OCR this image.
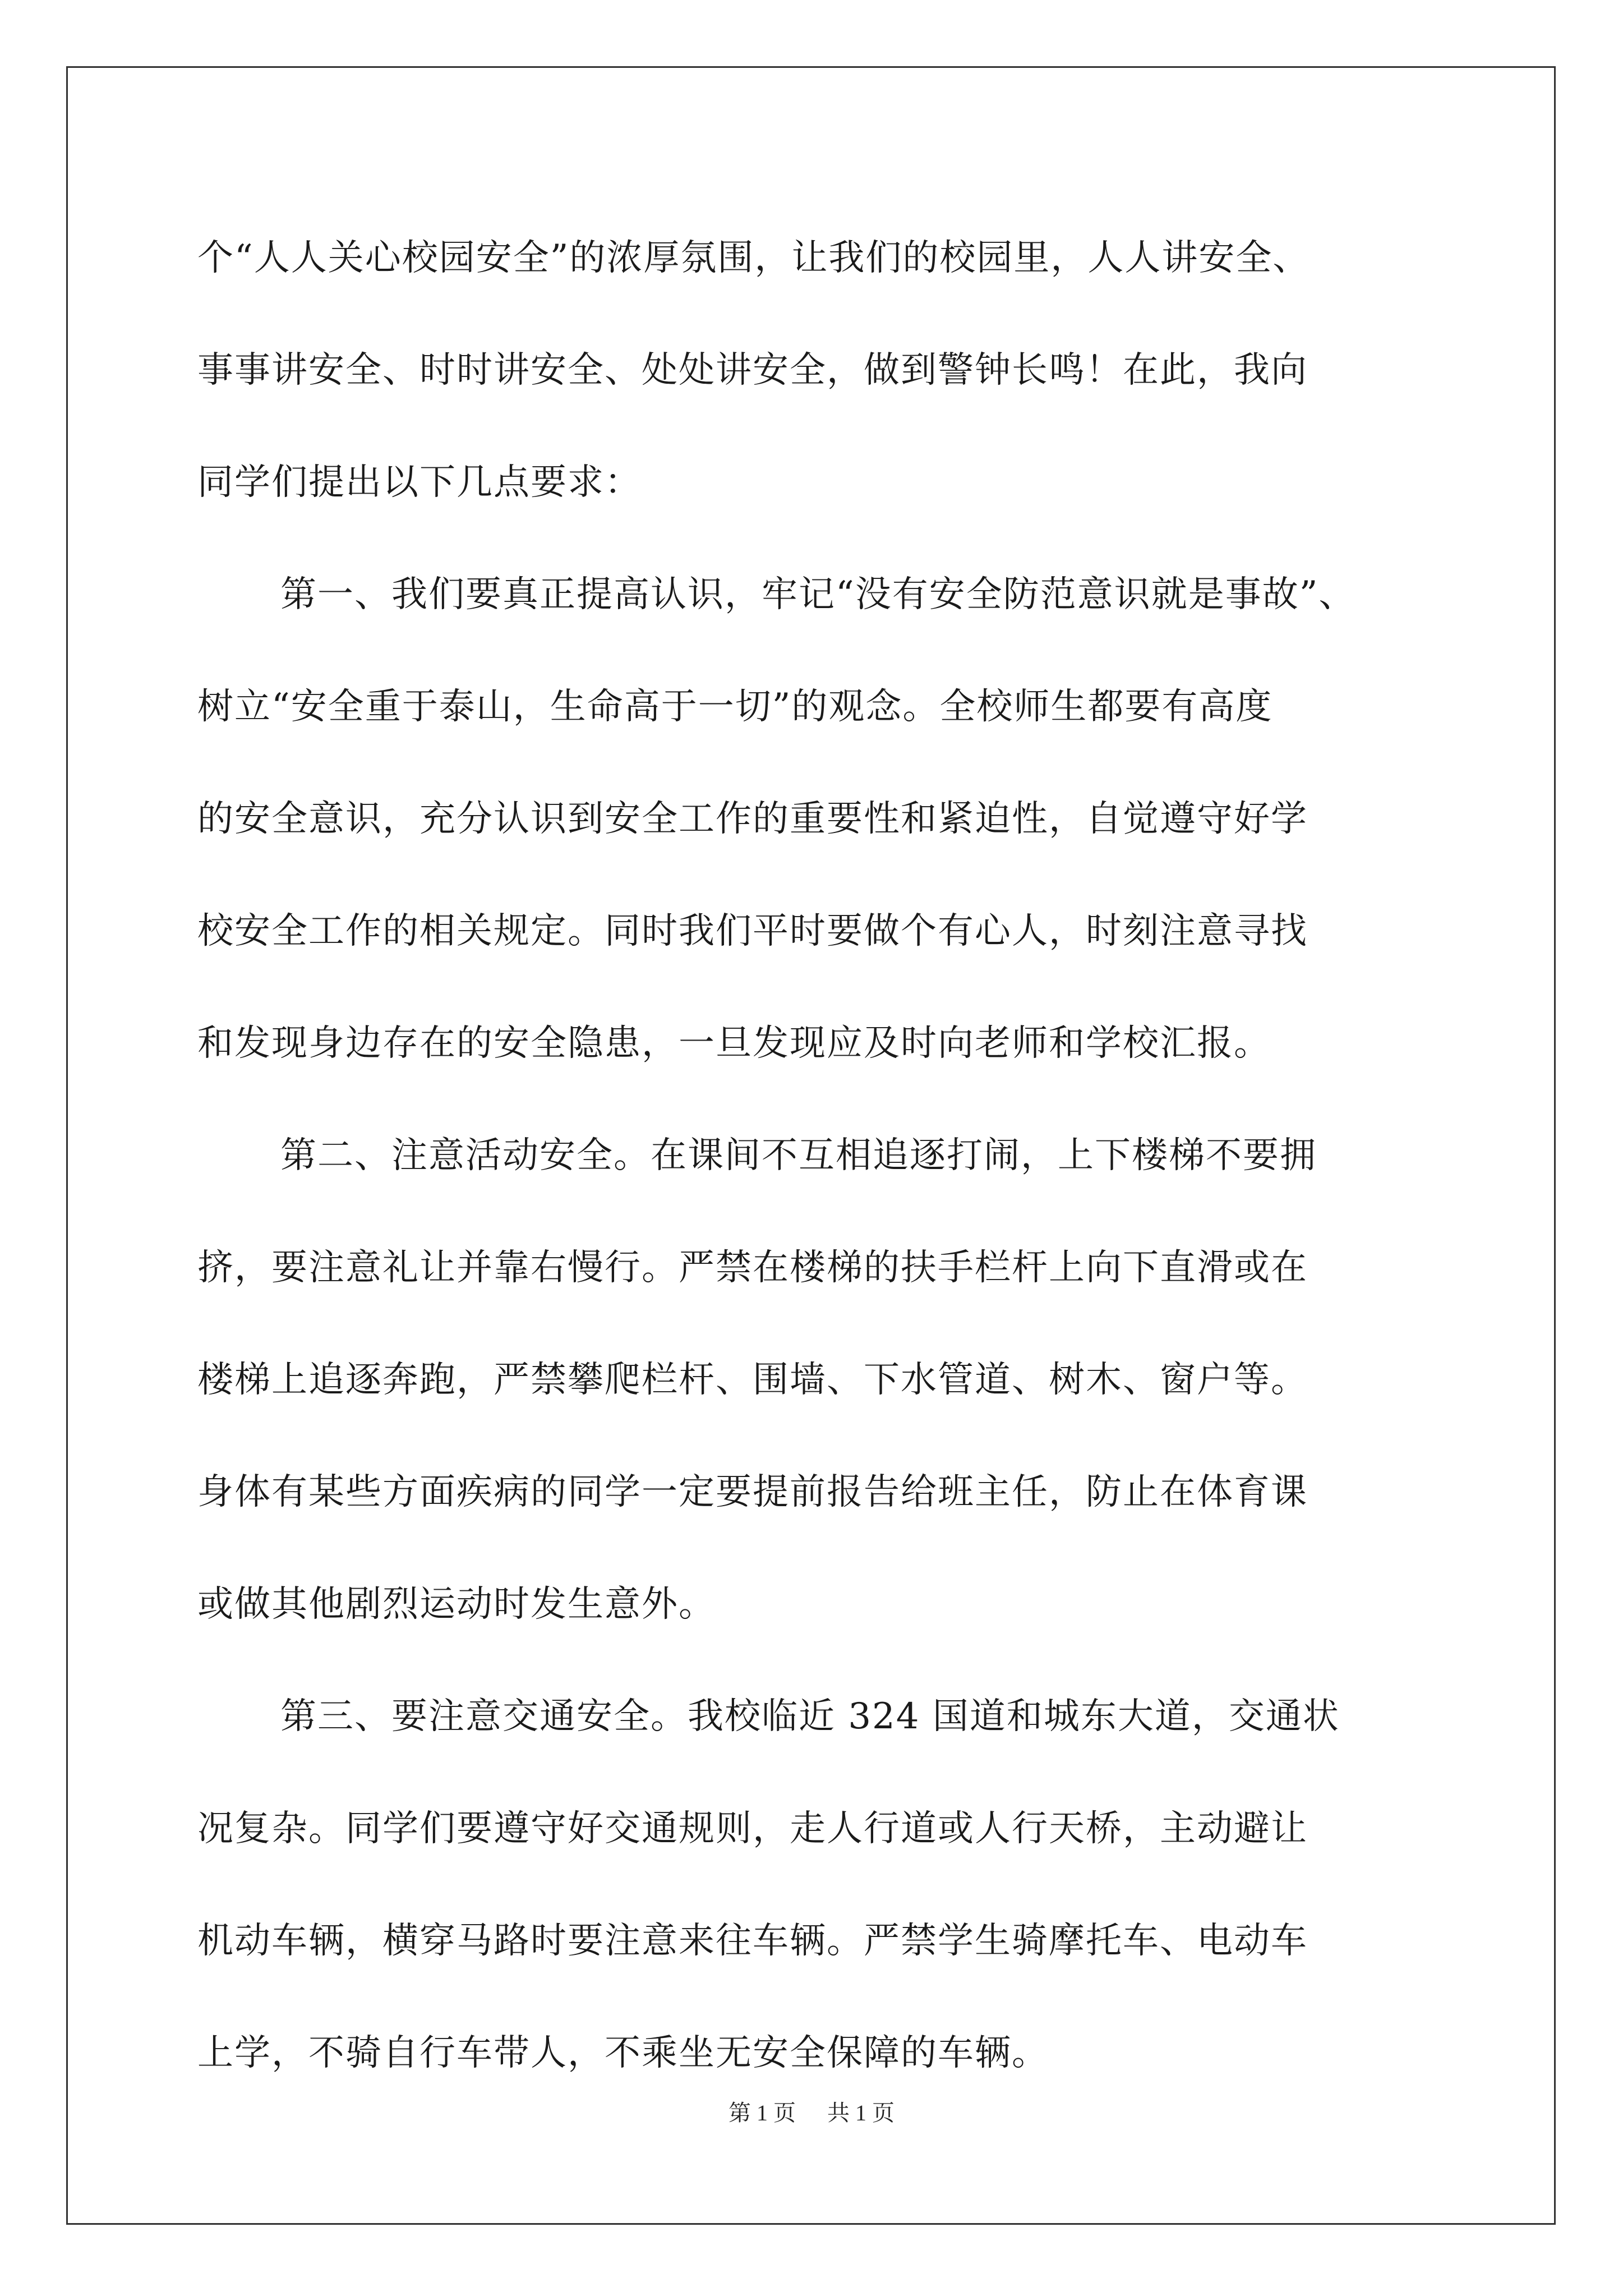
个“人人关心校园安全”的浓厚氛围，让我们的校园里，人人讲安全、
事事讲安全、时时讲安全、处处讲安全，做到警钟长鸣！在此，我向
同学们提出以下几点要求：
第一、我们要真正提高认识，牢记“没有安全防范意识就是事故”、
树立“安全重于泰山，生命高于一切”的观念。全校师生都要有高度
的安全意识，充分认识到安全工作的重要性和紧迫性，自觉遵守好学
校安全工作的相关规定。同时我们平时要做个有心人，时刻注意寻找
和发现身边存在的安全隐患，一旦发现应及时向老师和学校汇报。
第二、注意活动安全。在课间不互相追逐打闹，上下楼梯不要拥
挤，要注意礼让并靠右慢行。严禁在楼梯的扶手栏杆上向下直滑或在
楼梯上追逐奔跑，严禁攀爬栏杆、围墙、下水管道、树木、窗户等。
身体有某些方面疾病的同学一定要提前报告给班主任，防止在体育课
或做其他剧烈运动时发生意外。
第三、要注意交通安全。我校临近 324 国道和城东大道，交通状
况复杂。同学们要遵守好交通规则，走人行道或人行天桥，主动避让
机动车辆，横穿马路时要注意来往车辆。严禁学生骑摩托车、电动车
上学，不骑自行车带人，不乘坐无安全保障的车辆。
第 1 页 共 1 页
